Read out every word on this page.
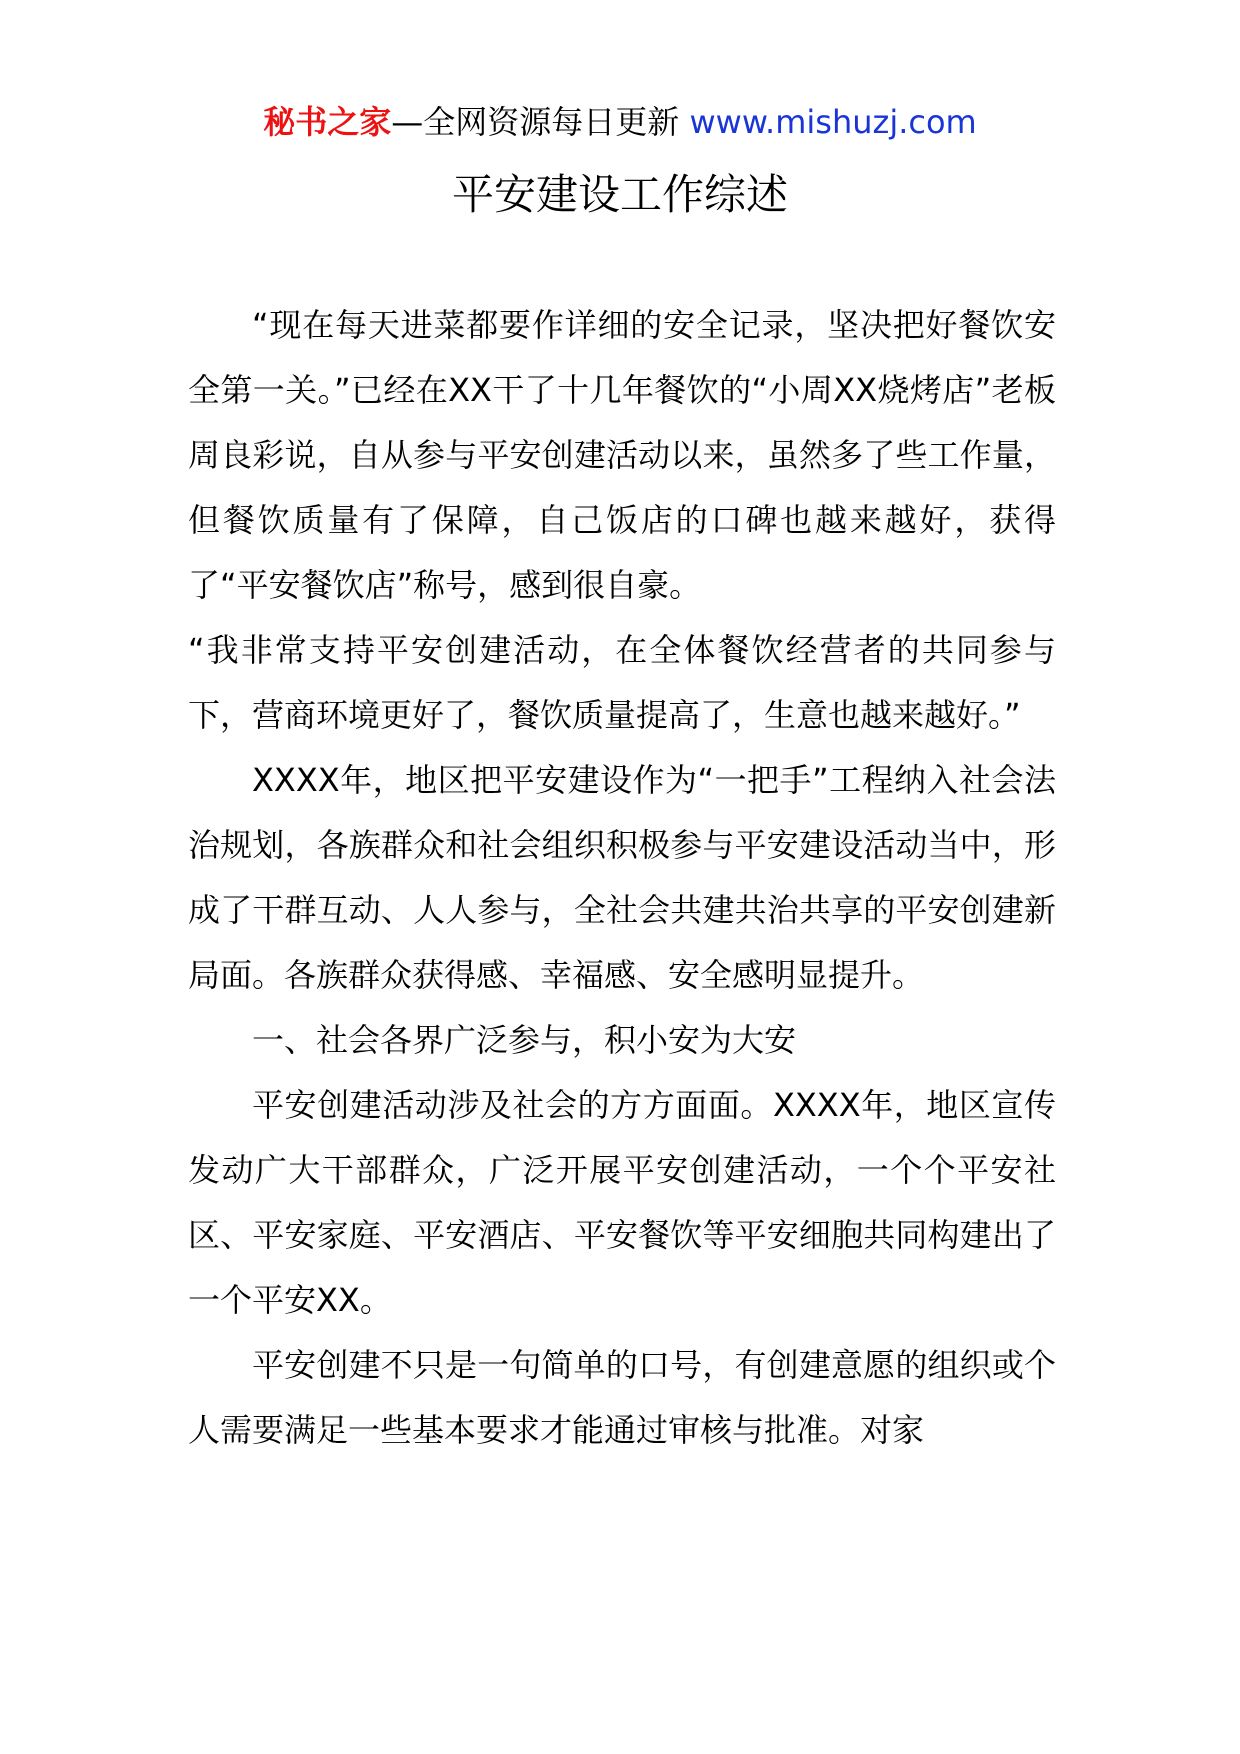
秘书之家—全网资源每日更新 www.mishuzj.com
平安建设工作综述

“现在每天进菜都要作详细的安全记录，坚决把好餐饮安全第一关。”已经在XX干了十几年餐饮的“小周XX烧烤店”老板周良彩说，自从参与平安创建活动以来，虽然多了些工作量，但餐饮质量有了保障，自己饭店的口碑也越来越好，获得了“平安餐饮店”称号，感到很自豪。

“我非常支持平安创建活动，在全体餐饮经营者的共同参与下，营商环境更好了，餐饮质量提高了，生意也越来越好。”

XXXX年，地区把平安建设作为“一把手”工程纳入社会法治规划，各族群众和社会组织积极参与平安建设活动当中，形成了干群互动、人人参与，全社会共建共治共享的平安创建新局面。各族群众获得感、幸福感、安全感明显提升。

一、社会各界广泛参与，积小安为大安

平安创建活动涉及社会的方方面面。XXXX年，地区宣传发动广大干部群众，广泛开展平安创建活动，一个个平安社区、平安家庭、平安酒店、平安餐饮等平安细胞共同构建出了一个平安XX。

平安创建不只是一句简单的口号，有创建意愿的组织或个人需要满足一些基本要求才能通过审核与批准。对家
